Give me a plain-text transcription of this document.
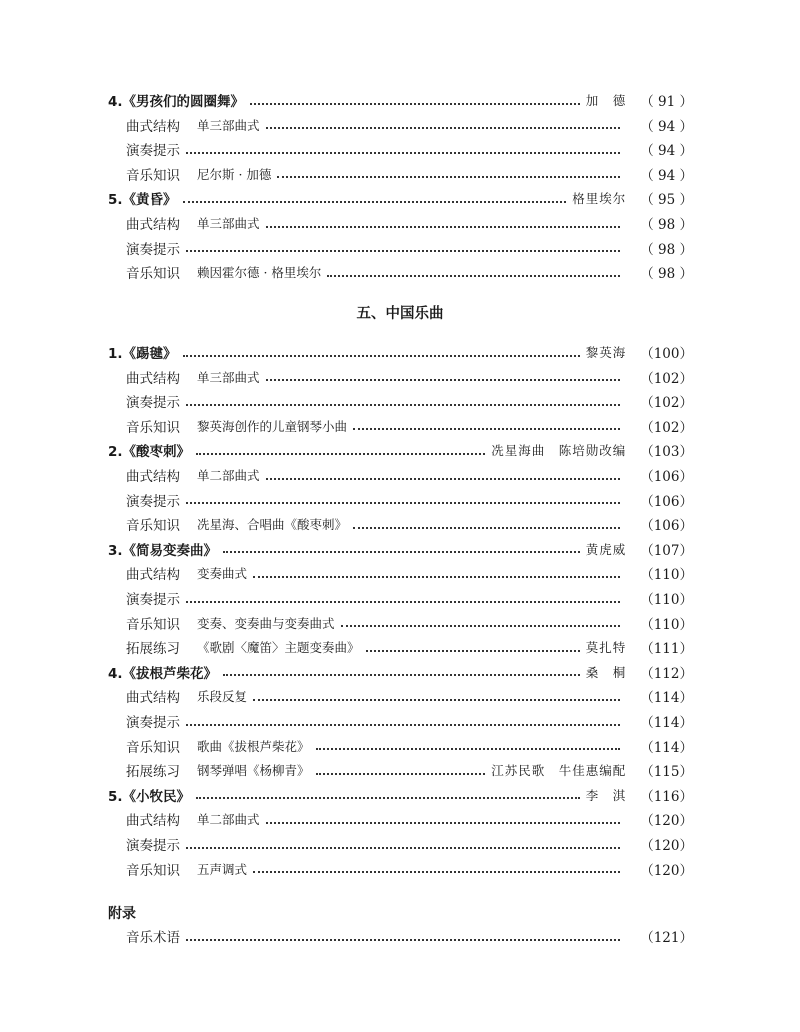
4.《男孩们的圆圈舞》	加　德 （ 91 ）
曲式结构 单三部曲式	（ 94 ）
演奏提示	（ 94 ）
音乐知识 尼尔斯 · 加德	（ 94 ）
5.《黄昏》	格里埃尔 （ 95 ）
曲式结构 单三部曲式	（ 98 ）
演奏提示	（ 98 ）
音乐知识 赖因霍尔德 · 格里埃尔	（ 98 ）
五、中国乐曲
1.《踢毽》	黎英海 （100）
曲式结构 单三部曲式	（102）
演奏提示	（102）
音乐知识 黎英海创作的儿童钢琴小曲	（102）
2.《酸枣刺》	冼星海曲　陈培勋改编 （103）
曲式结构 单二部曲式	（106）
演奏提示	（106）
音乐知识 冼星海、合唱曲《酸枣刺》	（106）
3.《简易变奏曲》	黄虎威 （107）
曲式结构 变奏曲式	（110）
演奏提示	（110）
音乐知识 变奏、变奏曲与变奏曲式	（110）
拓展练习 《歌剧〈魔笛〉主题变奏曲》	莫扎特 （111）
4.《拔根芦柴花》	桑　桐 （112）
曲式结构 乐段反复	（114）
演奏提示	（114）
音乐知识 歌曲《拔根芦柴花》	（114）
拓展练习 钢琴弹唱《杨柳青》	江苏民歌　牛佳惠编配 （115）
5.《小牧民》	李　淇 （116）
曲式结构 单二部曲式	（120）
演奏提示	（120）
音乐知识 五声调式	（120）
附录
音乐术语	（121）
